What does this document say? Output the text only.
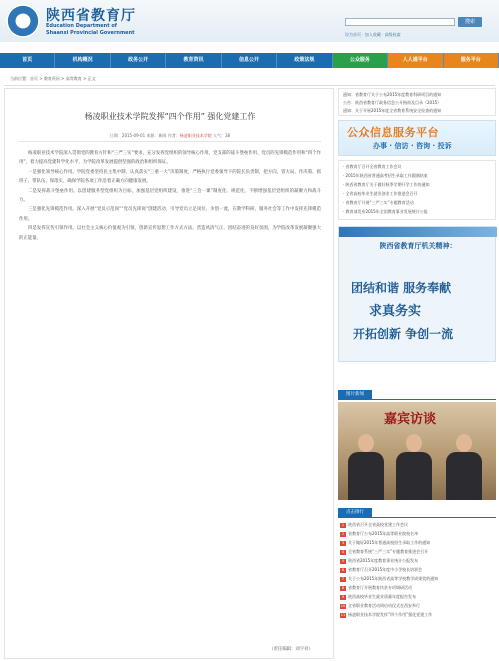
陕西省教育厅
Education Department of
Shaanxi Provincial Government
搜索
设为首页 · 加入收藏 · 高级检索
首页	机构概况	政务公开	教育资讯	信息公开	政策法规	公众服务	人人通平台	服务平台
当前位置：首页 > 教育资讯 > 高等教育 > 正文
杨凌职业技术学院发挥“四个作用” 强化党建工作
日期：2015-09-01 来源：新闻 作者：杨凌职业技术学院 人气：38

杨凌职业技术学院深入贯彻党的教育方针和“三严三实”要求，充分发挥党组织的领导核心作用、党支部的战斗堡垒作用、党员的先锋模范作用和“四个作用”，着力提高党建科学化水平，为学院改革发展提供坚强的政治和组织保证。

一是强化领导核心作用。学院党委坚持民主集中制，认真落实“三重一大”决策制度，严格执行党委领导下的院长负责制，把方向、管大局、作决策、抓班子、带队伍、保落实，确保学院各项工作沿着正确方向健康发展。

二是发挥战斗堡垒作用。以创建服务型党组织为目标，加强基层党组织建设，推进“三会一课”制度化、规范化，不断增强基层党组织的凝聚力和战斗力。

三是强化先锋模范作用。深入开展“党员示范岗”“党员先锋岗”创建活动，引导党员立足岗位、争创一流，在教学科研、服务社会等工作中发挥先锋模范作用。

四是发挥宣传引领作用。以社会主义核心价值观为引领，创新宣传思想工作方式方法，营造风清气正、团结奋进的良好氛围，为学院改革发展凝聚强大的正能量。

（责任编辑：刘宇祥）
通知：省教育厅关于公布2015年度教育科研项目的通知
公告：陕西省教育厅政务信息公开指南及目录（2015）
通知：关于开展2015年度全省教育系统安全检查的通知
公众信息服务平台
办事 · 信访 · 咨询 · 投诉
· 省教育厅召开全省教育工作会议
· 2015年陕西省普通高考招生录取工作圆满结束
· 陕西省教育厅关于做好秋季学期开学工作的通知
· 全省高校毕业生就业创业工作推进会召开
· 省教育厅开展“三严三实”专题教育活动
· 教育部发布2015年全国教育事业发展统计公报
陕西省教育厅机关精神：
团结和谐 服务奉献
求真务实
开拓创新 争创一流
图片新闻
嘉宾访谈
点击排行
1 陕西省召开全省高校党建工作会议
2 省教育厅公布2015年高等职业院校名单
3 关于做好2015年普通高校招生录取工作的通知
4 全省教育系统“三严三实”专题教育推进会召开
5 陕西省2015年度教育事业统计公报发布
6 省教育厅召开2015年度中小学校长培训会
7 关于公布2015年陕西省高等学校教学成果奖的通知
8 省教育厅开展教育扶贫专项调研活动
9 陕西高校毕业生就业质量年度报告发布
10 全省职业教育活动周启动仪式在西安举行
11 杨凌职业技术学院发挥“四个作用”强化党建工作
